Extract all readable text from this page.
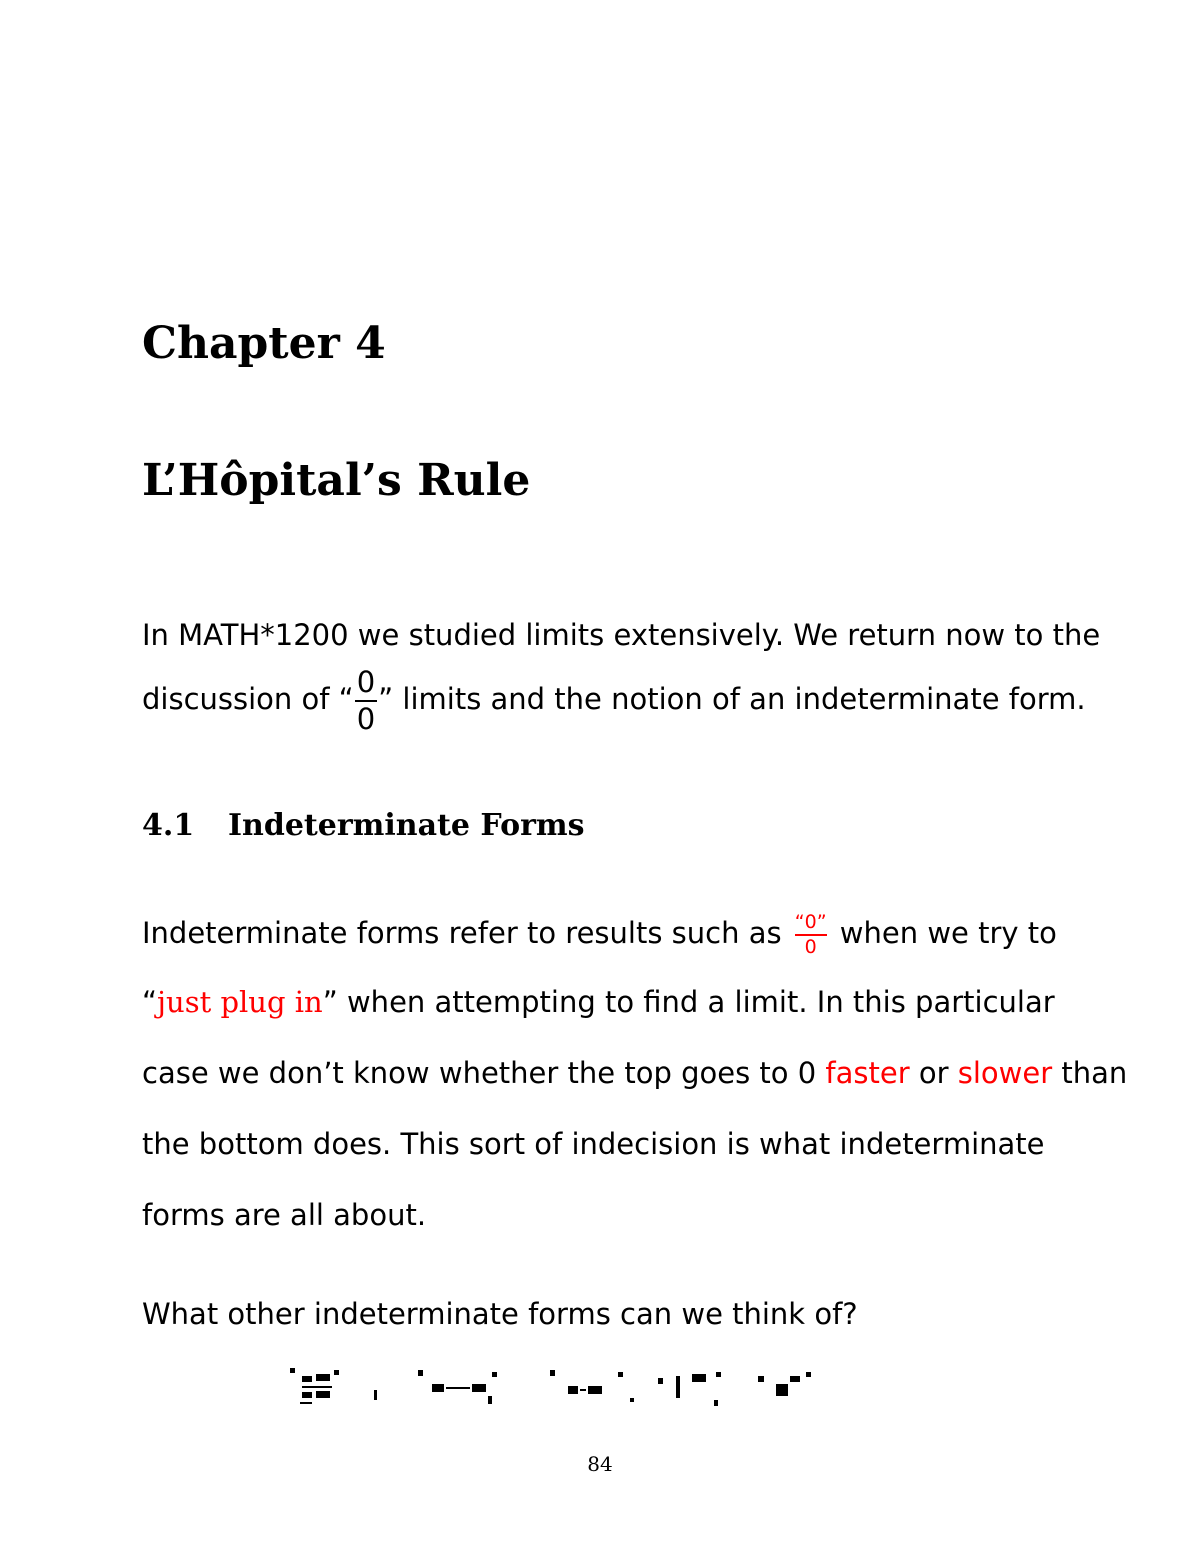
Chapter 4
L’Hôpital’s Rule
In MATH*1200 we studied limits extensively. We return now to the
discussion of “ $\frac{0}{0}$ ” limits and the notion of an indeterminate form.
4.1 Indeterminate Forms
Indeterminate forms refer to results such as $\frac{“0”}{0}$ when we try to
“just plug in” when attempting to find a limit. In this particular
case we don’t know whether the top goes to 0 faster or slower than
the bottom does. This sort of indecision is what indeterminate
forms are all about.
What other indeterminate forms can we think of?
84
